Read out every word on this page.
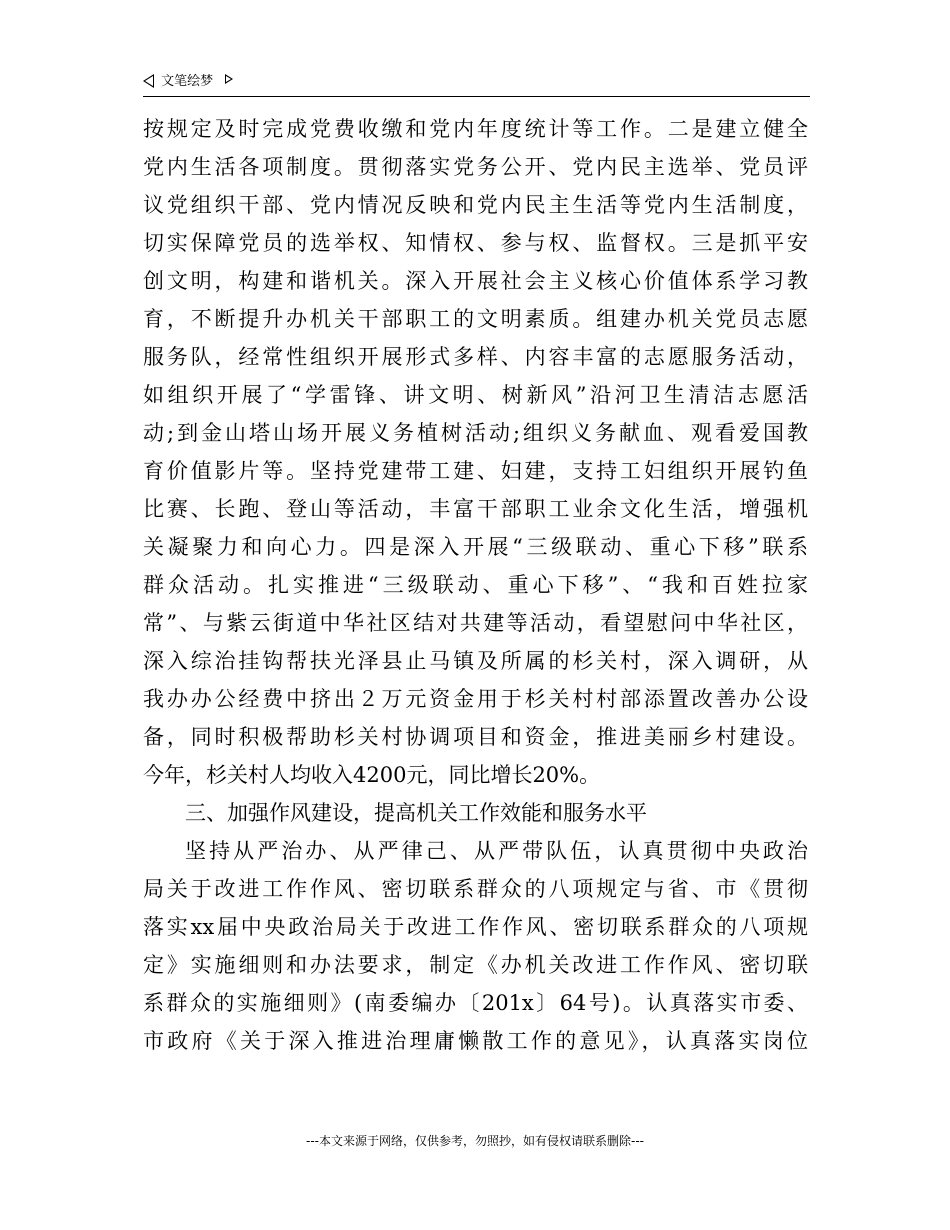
文笔绘梦
按规定及时完成党费收缴和党内年度统计等工作。二是建立健全
党内生活各项制度。贯彻落实党务公开、党内民主选举、党员评
议党组织干部、党内情况反映和党内民主生活等党内生活制度，
切实保障党员的选举权、知情权、参与权、监督权。三是抓平安
创文明，构建和谐机关。深入开展社会主义核心价值体系学习教
育，不断提升办机关干部职工的文明素质。组建办机关党员志愿
服务队，经常性组织开展形式多样、内容丰富的志愿服务活动，
如组织开展了“学雷锋、讲文明、树新风”沿河卫生清洁志愿活
动;到金山塔山场开展义务植树活动;组织义务献血、观看爱国教
育价值影片等。坚持党建带工建、妇建，支持工妇组织开展钓鱼
比赛、长跑、登山等活动，丰富干部职工业余文化生活，增强机
关凝聚力和向心力。四是深入开展“三级联动、重心下移”联系
群众活动。扎实推进“三级联动、重心下移”、“我和百姓拉家
常”、与紫云街道中华社区结对共建等活动，看望慰问中华社区，
深入综治挂钩帮扶光泽县止马镇及所属的杉关村，深入调研，从
我办办公经费中挤出２万元资金用于杉关村村部添置改善办公设
备，同时积极帮助杉关村协调项目和资金，推进美丽乡村建设。
今年，杉关村人均收入4200元，同比增长20%。
三、加强作风建设，提高机关工作效能和服务水平
坚持从严治办、从严律己、从严带队伍，认真贯彻中央政治
局关于改进工作作风、密切联系群众的八项规定与省、市《贯彻
落实xx届中央政治局关于改进工作作风、密切联系群众的八项规
定》实施细则和办法要求，制定《办机关改进工作作风、密切联
系群众的实施细则》(南委编办〔201x〕64号)。认真落实市委、
市政府《关于深入推进治理庸懒散工作的意见》，认真落实岗位
---本文来源于网络，仅供参考，勿照抄，如有侵权请联系删除---
